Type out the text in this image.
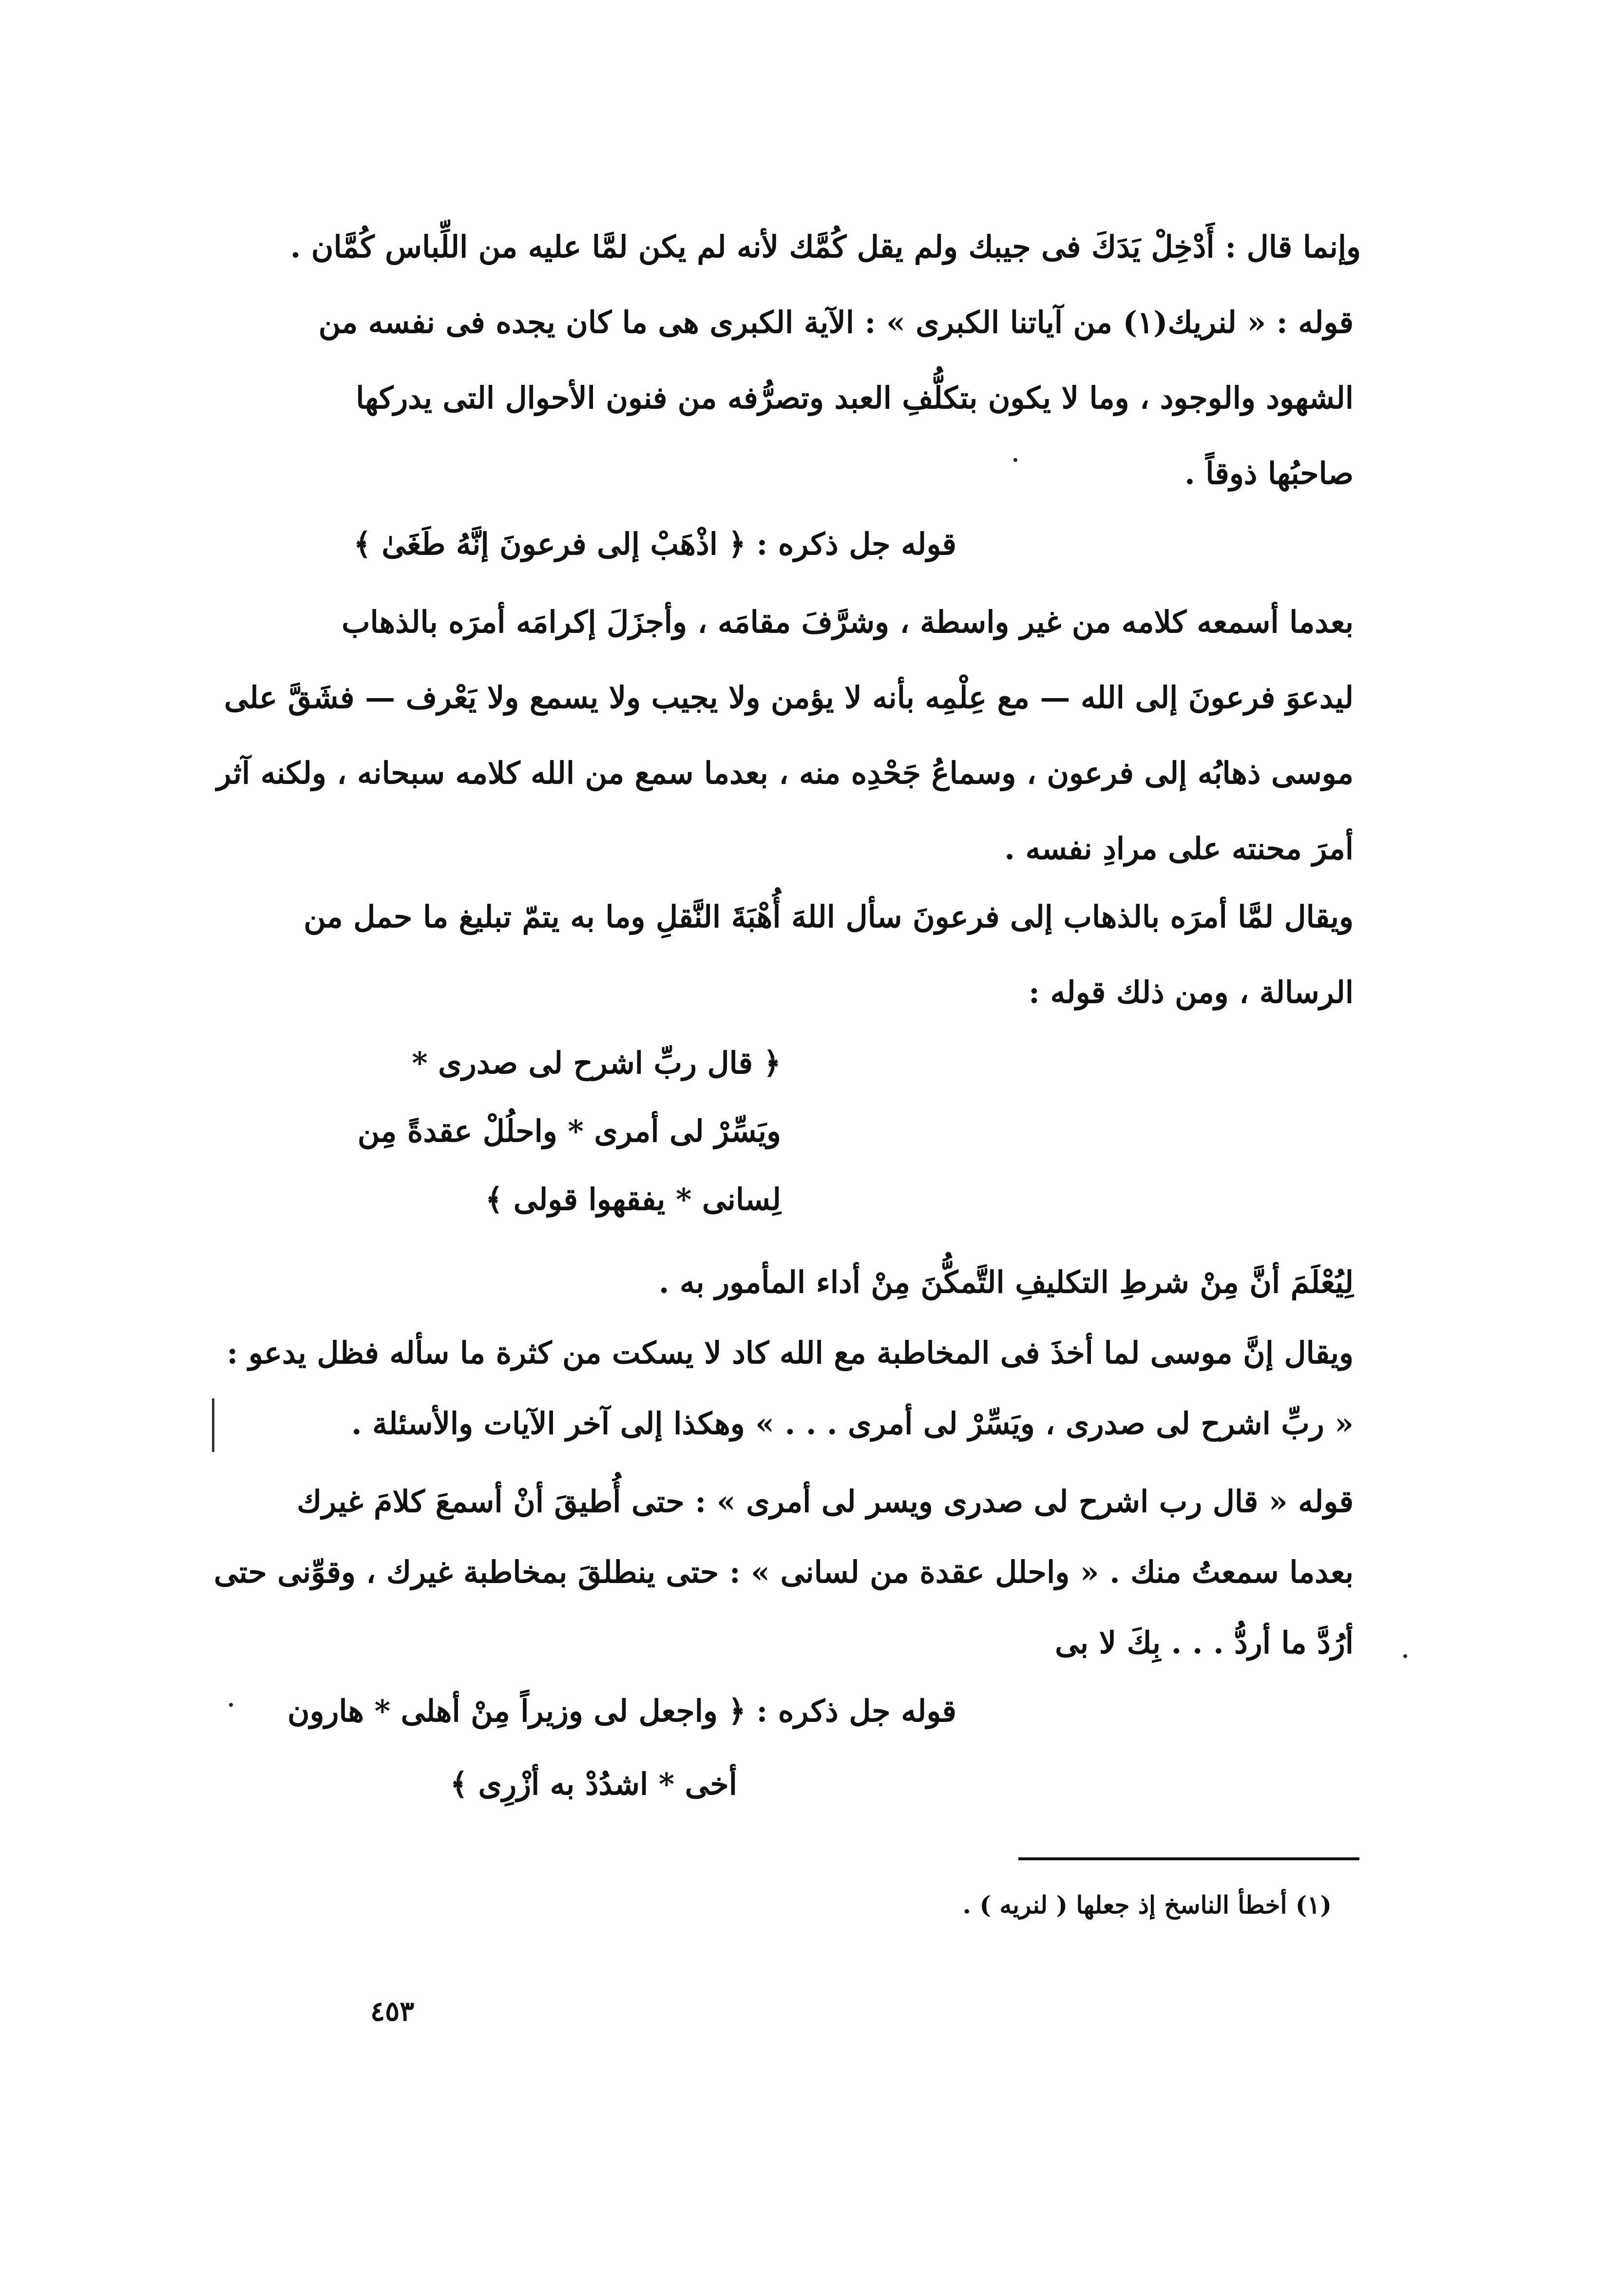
وإنما قال : أَدْخِلْ يَدَكَ فى جيبك ولم يقل كُمَّك لأنه لم يكن لمَّا عليه من اللِّباس كُمَّان .
قوله : « لنريك(١) من آياتنا الكبرى » : الآية الكبرى هى ما كان يجده فى نفسه من
الشهود والوجود ، وما لا يكون بتكلُّفِ العبد وتصرُّفه من فنون الأحوال التى يدركها
صاحبُها ذوقاً .
قوله جل ذكره : ﴿ اذْهَبْ إلى فرعونَ إنَّهُ طَغَىٰ ﴾
بعدما أسمعه كلامه من غير واسطة ، وشرَّفَ مقامَه ، وأجزَلَ إكرامَه أمرَه بالذهاب
ليدعوَ فرعونَ إلى الله — مع عِلْمِه بأنه لا يؤمن ولا يجيب ولا يسمع ولا يَعْرف — فشَقَّ على
موسى ذهابُه إلى فرعون ، وسماعُ جَحْدِه منه ، بعدما سمع من الله كلامه سبحانه ، ولكنه آثر
أمرَ محنته على مرادِ نفسه .
ويقال لمَّا أمرَه بالذهاب إلى فرعونَ سأل اللهَ أُهْبَةَ النَّقلِ وما به يتمّ تبليغ ما حمل من
الرسالة ، ومن ذلك قوله :
﴿ قال ربِّ اشرح لى صدرى *
ويَسِّرْ لى أمرى * واحلُلْ عقدةً مِن
لِسانى * يفقهوا قولى ﴾
لِيُعْلَمَ أنَّ مِنْ شرطِ التكليفِ التَّمكُّنَ مِنْ أداء المأمور به .
ويقال إنَّ موسى لما أخذَ فى المخاطبة مع الله كاد لا يسكت من كثرة ما سأله فظل يدعو :
« ربِّ اشرح لى صدرى ، ويَسِّرْ لى أمرى . . . » وهكذا إلى آخر الآيات والأسئلة .
قوله « قال رب اشرح لى صدرى ويسر لى أمرى » : حتى أُطيقَ أنْ أسمعَ كلامَ غيرك
بعدما سمعتُ منك . « واحلل عقدة من لسانى » : حتى ينطلقَ بمخاطبة غيرك ، وقوِّنى حتى
أرُدَّ ما أردُّ . . . بِكَ لا بى
قوله جل ذكره : ﴿ واجعل لى وزيراً مِنْ أهلى * هارون
أخى * اشدُدْ به أزْرِى ﴾
(١) أخطأ الناسخ إذ جعلها ( لنريه ) .
٤٥٣
